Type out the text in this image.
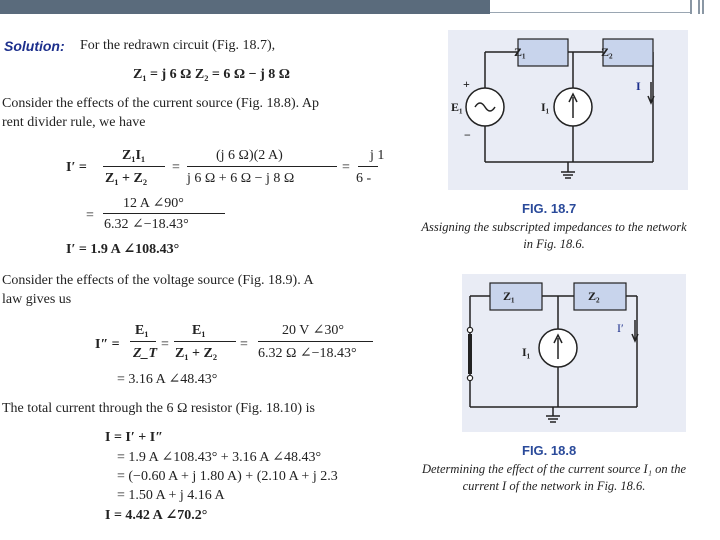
Solution: For the redrawn circuit (Fig. 18.7),
Z₁ = j 6 Ω Z₂ = 6 Ω − j 8 Ω
Consider the effects of the current source (Fig. 18.8). Ap
rent divider rule, we have
I′ =
Z₁I₁
Z₁ + Z₂
=
(j 6 Ω)(2 A)
j 6 Ω + 6 Ω − j 8 Ω
=
j 1
6 -
=
12 A ∠90°
6.32 ∠−18.43°
I′ = 1.9 A ∠108.43°
Consider the effects of the voltage source (Fig. 18.9). A
law gives us
I″ =
E₁
Z_T
=
E₁
Z₁ + Z₂
=
20 V ∠30°
6.32 Ω ∠−18.43°
= 3.16 A ∠48.43°
The total current through the 6 Ω resistor (Fig. 18.10) is
I = I′ + I″
= 1.9 A ∠108.43° + 3.16 A ∠48.43°
= (−0.60 A + j 1.80 A) + (2.10 A + j 2.3
= 1.50 A + j 4.16 A
I = 4.42 A ∠70.2°
Z₁	Z₂
+
−
E₁	I₁
I
FIG. 18.7
Assigning the subscripted impedances to the network
in Fig. 18.6.
Z₁	Z₂
I₁
I′
FIG. 18.8
Determining the effect of the current source I₁ on the
current I of the network in Fig. 18.6.
